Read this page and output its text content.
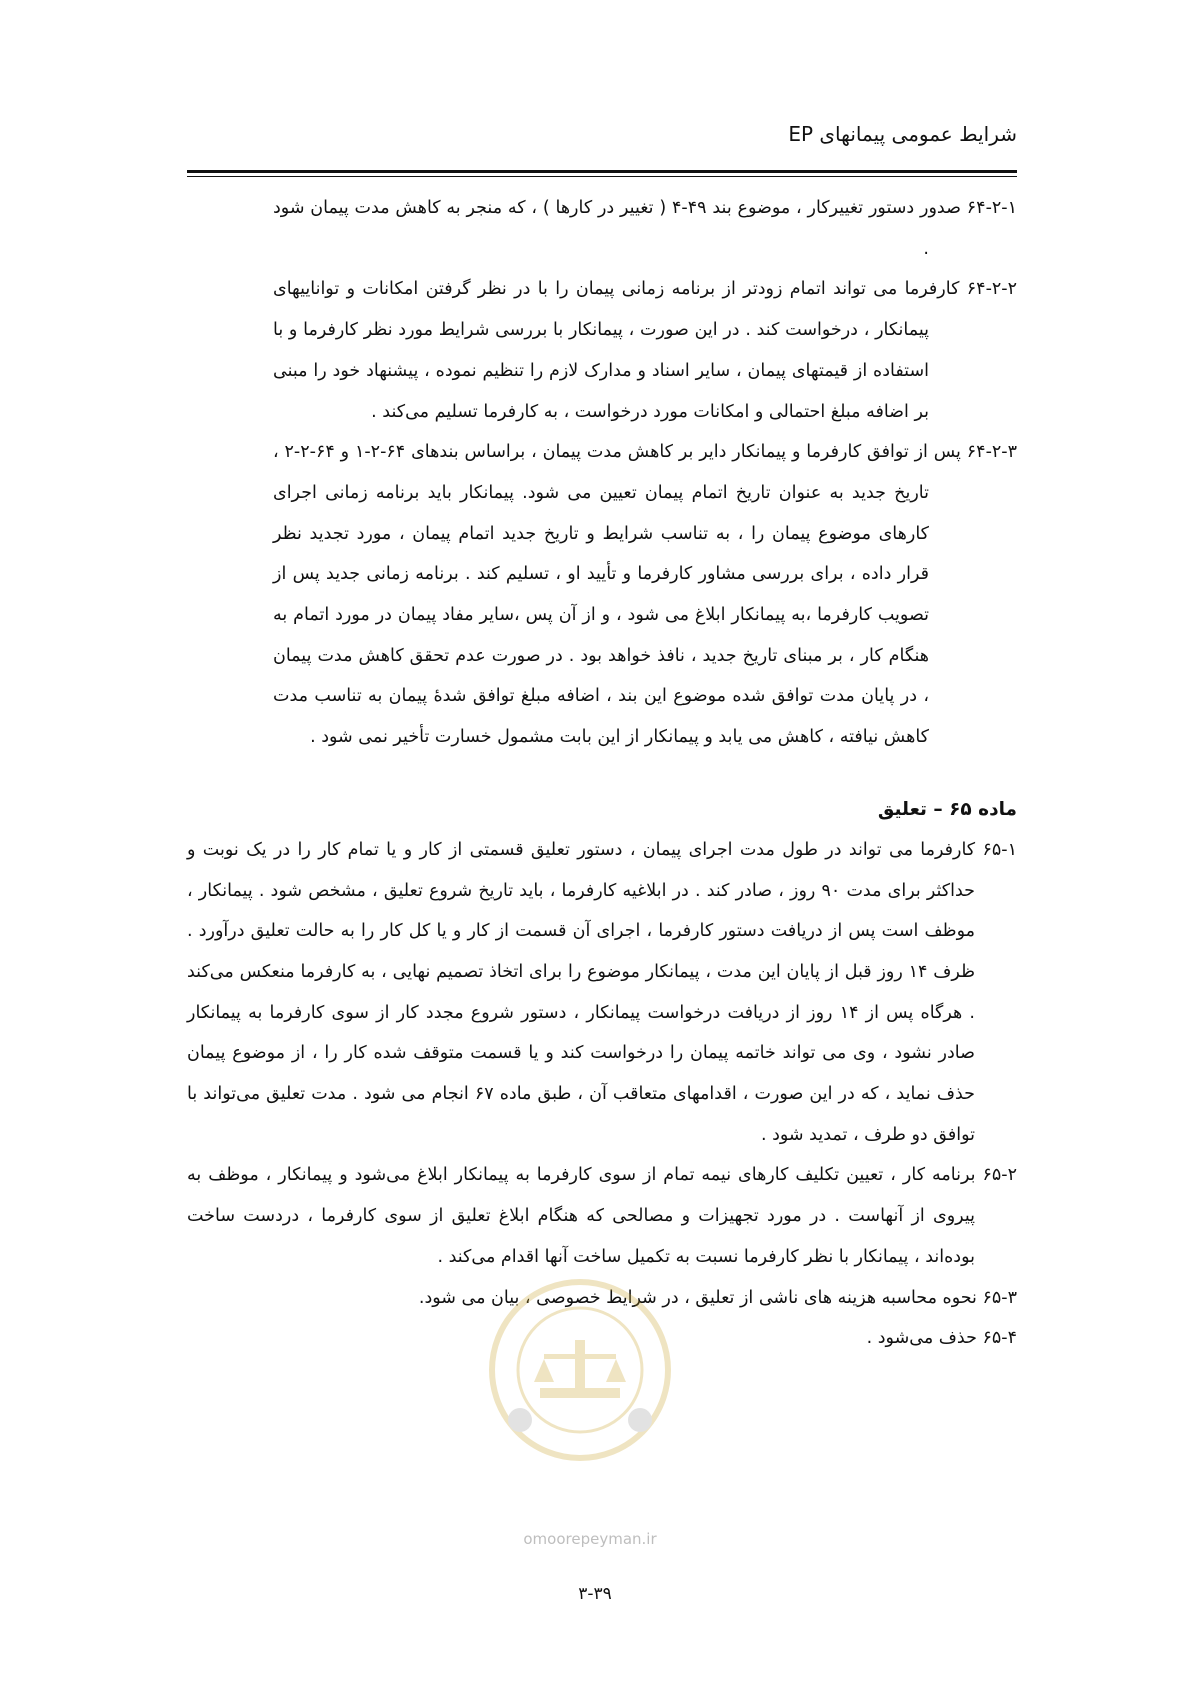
شرایط عمومی پیمانهای EP

۶۴-۲-۱ صدور دستور تغییرکار ، موضوع بند ۴۹-۴ ( تغییر در کارها ) ، که منجر به کاهش مدت پیمان شود .

۶۴-۲-۲ کارفرما می تواند اتمام زودتر از برنامه زمانی پیمان را با در نظر گرفتن امکانات و تواناییهای پیمانکار ، درخواست کند . در این صورت ، پیمانکار با بررسی شرایط مورد نظر کارفرما و با استفاده از قیمتهای پیمان ، سایر اسناد و مدارک لازم را تنظیم نموده ، پیشنهاد خود را مبنی بر اضافه مبلغ احتمالی و امکانات مورد درخواست ، به کارفرما تسلیم می‌کند .

۶۴-۲-۳ پس از توافق کارفرما و پیمانکار دایر بر کاهش مدت پیمان ، براساس بندهای ۶۴-۲-۱ و ۶۴-۲-۲ ، تاریخ جدید به عنوان تاریخ اتمام پیمان تعیین می شود. پیمانکار باید برنامه زمانی اجرای کارهای موضوع پیمان را ، به تناسب شرایط و تاریخ جدید اتمام پیمان ، مورد تجدید نظر قرار داده ، برای بررسی مشاور کارفرما و تأیید او ، تسلیم کند . برنامه زمانی جدید پس از تصویب کارفرما ،به پیمانکار ابلاغ می شود ، و از آن پس ،سایر مفاد پیمان در مورد اتمام به هنگام کار ، بر مبنای تاریخ جدید ، نافذ خواهد بود . در صورت عدم تحقق کاهش مدت پیمان ، در پایان مدت توافق شده موضوع این بند ، اضافه مبلغ توافق شدهٔ پیمان به تناسب مدت کاهش نیافته ، کاهش می یابد و پیمانکار از این بابت مشمول خسارت تأخیر نمی شود .

ماده ۶۵ – تعلیق

۶۵-۱ کارفرما می تواند در طول مدت اجرای پیمان ، دستور تعلیق قسمتی از کار و یا تمام کار را در یک نوبت و حداکثر برای مدت ۹۰ روز ، صادر کند . در ابلاغیه کارفرما ، باید تاریخ شروع تعلیق ، مشخص شود . پیمانکار ، موظف است پس از دریافت دستور کارفرما ، اجرای آن قسمت از کار و یا کل کار را به حالت تعلیق درآورد . ظرف ۱۴ روز قبل از پایان این مدت ، پیمانکار موضوع را برای اتخاذ تصمیم نهایی ، به کارفرما منعکس می‌کند . هرگاه پس از ۱۴ روز از دریافت درخواست پیمانکار ، دستور شروع مجدد کار از سوی کارفرما به پیمانکار صادر نشود ، وی می تواند خاتمه پیمان را درخواست کند و یا قسمت متوقف شده کار را ، از موضوع پیمان حذف نماید ، که در این صورت ، اقدامهای متعاقب آن ، طبق ماده ۶۷ انجام می شود . مدت تعلیق می‌تواند با توافق دو طرف ، تمدید شود .

۶۵-۲ برنامه کار ، تعیین تکلیف کارهای نیمه تمام از سوی کارفرما به پیمانکار ابلاغ می‌شود و پیمانکار ، موظف به پیروی از آنهاست . در مورد تجهیزات و مصالحی که هنگام ابلاغ تعلیق از سوی کارفرما ، دردست ساخت بوده‌اند ، پیمانکار با نظر کارفرما نسبت به تکمیل ساخت آنها اقدام می‌کند .

۶۵-۳ نحوه محاسبه هزینه های ناشی از تعلیق ، در شرایط خصوصی ، بیان می شود.

۶۵-۴ حذف می‌شود .

omoorepeyman.ir
۳-۳۹
